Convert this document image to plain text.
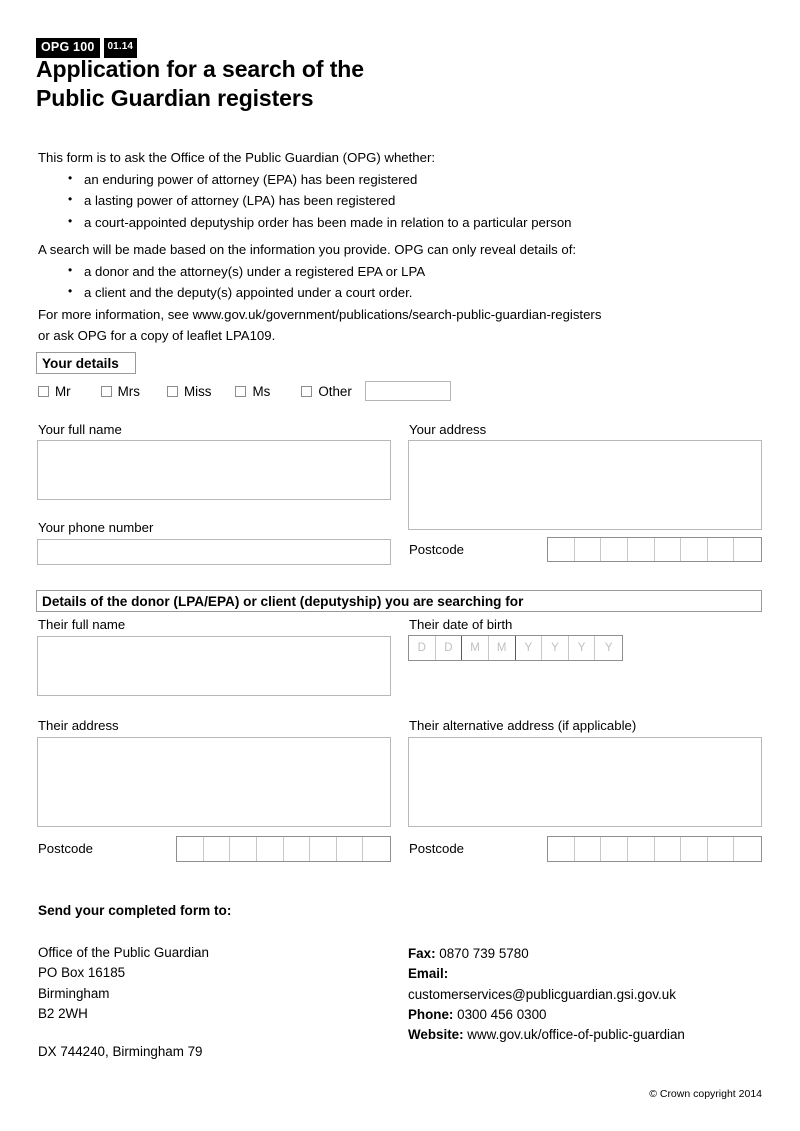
OPG 100	01.14
Application for a search of the
Public Guardian registers

This form is to ask the Office of the Public Guardian (OPG) whether:

• an enduring power of attorney (EPA) has been registered
• a lasting power of attorney (LPA) has been registered
• a court-appointed deputyship order has been made in relation to a particular person

A search will be made based on the information you provide. OPG can only reveal details of:

• a donor and the attorney(s) under a registered EPA or LPA
• a client and the deputy(s) appointed under a court order.

For more information, see www.gov.uk/government/publications/search-public-guardian-registers

or ask OPG for a copy of leaflet LPA109.

Your details
Mr	Mrs	Miss	Ms	Other
Your full name
Your phone number
Your address
Postcode
Details of the donor (LPA/EPA) or client (deputyship) you are searching for
Their full name	Their date of birth
D	D	M	M	Y	Y	Y	Y
Their address	Their alternative address (if applicable)
Postcode	Postcode
Send your completed form to:
Office of the Public Guardian
PO Box 16185
Birmingham
B2 2WH
DX 744240, Birmingham 79
Fax: 0870 739 5780
Email:
customerservices@publicguardian.gsi.gov.uk
Phone: 0300 456 0300
Website: www.gov.uk/office-of-public-guardian
© Crown copyright 2014
